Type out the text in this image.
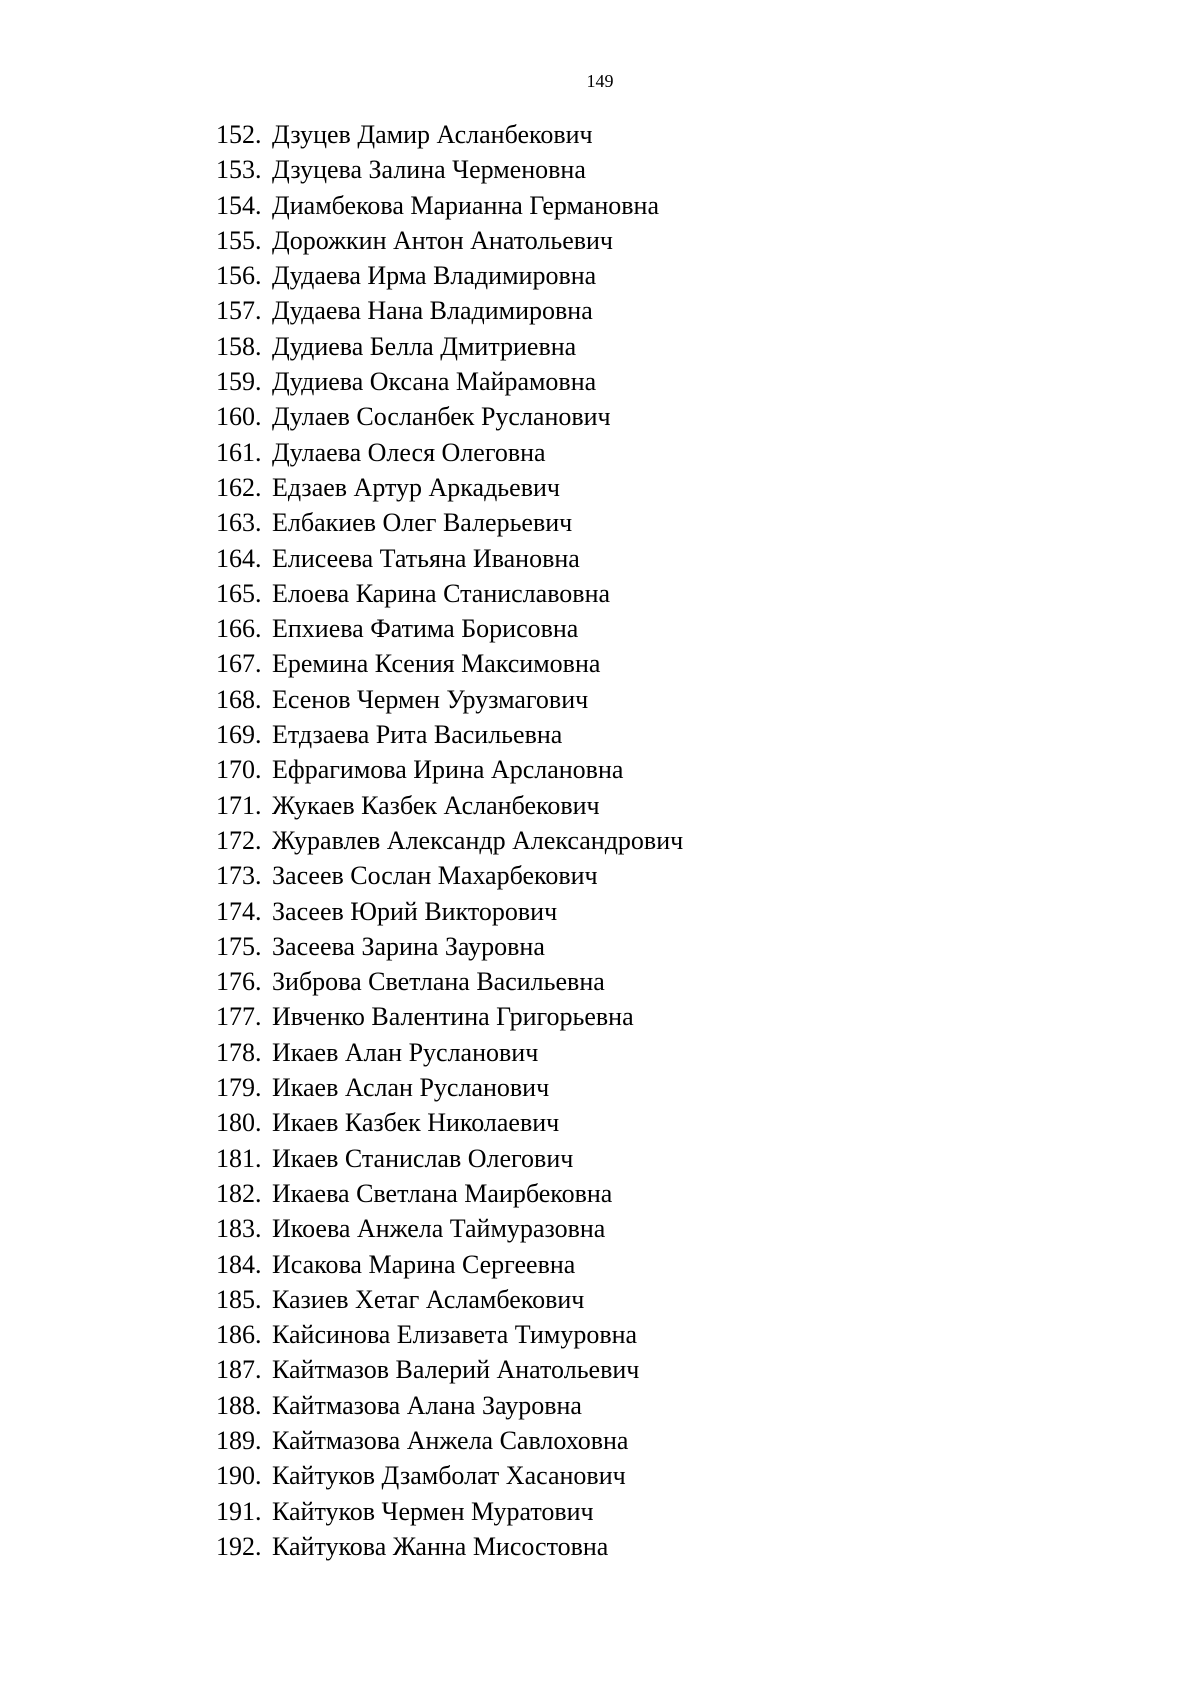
149
152. Дзуцев Дамир Асланбекович
153. Дзуцева Залина Черменовна
154. Диамбекова Марианна Германовна
155. Дорожкин Антон Анатольевич
156. Дудаева Ирма Владимировна
157. Дудаева Нана Владимировна
158. Дудиева Белла Дмитриевна
159. Дудиева Оксана Майрамовна
160. Дулаев Сосланбек Русланович
161. Дулаева Олеся Олеговна
162. Едзаев Артур Аркадьевич
163. Елбакиев Олег Валерьевич
164. Елисеева Татьяна Ивановна
165. Елоева Карина Станиславовна
166. Епхиева Фатима Борисовна
167. Еремина Ксения Максимовна
168. Есенов Чермен Урузмагович
169. Етдзаева Рита Васильевна
170. Ефрагимова Ирина Арслановна
171. Жукаев Казбек Асланбекович
172. Журавлев Александр Александрович
173. Засеев Сослан Махарбекович
174. Засеев Юрий Викторович
175. Засеева Зарина Зауровна
176. Зиброва Светлана Васильевна
177. Ивченко Валентина Григорьевна
178. Икаев Алан Русланович
179. Икаев Аслан Русланович
180. Икаев Казбек Николаевич
181. Икаев Станислав Олегович
182. Икаева Светлана Маирбековна
183. Икоева Анжела Таймуразовна
184. Исакова Марина Сергеевна
185. Казиев Хетаг Асламбекович
186. Кайсинова Елизавета Тимуровна
187. Кайтмазов Валерий Анатольевич
188. Кайтмазова Алана Зауровна
189. Кайтмазова Анжела Савлоховна
190. Кайтуков Дзамболат Хасанович
191. Кайтуков Чермен Муратович
192. Кайтукова Жанна Мисостовна
